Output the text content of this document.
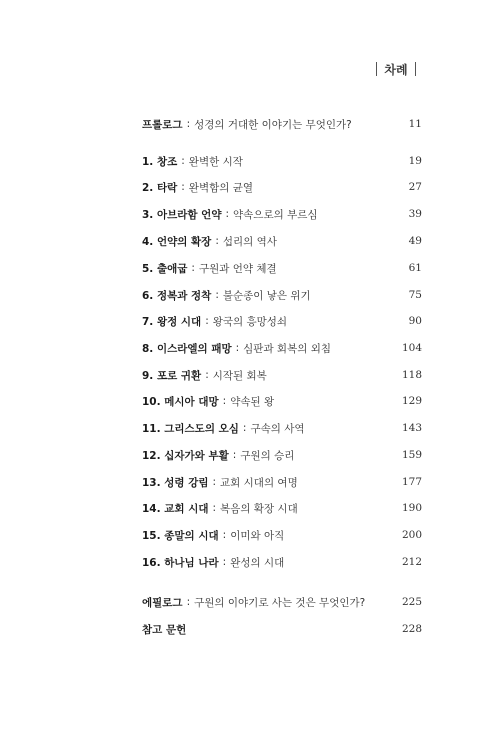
차례
프롤로그 : 성경의 거대한 이야기는 무엇인가?	11
1. 창조 : 완벽한 시작	19
2. 타락 : 완벽함의 균열	27
3. 아브라함 언약 : 약속으로의 부르심	39
4. 언약의 확장 : 섭리의 역사	49
5. 출애굽 : 구원과 언약 체결	61
6. 정복과 정착 : 불순종이 낳은 위기	75
7. 왕정 시대 : 왕국의 흥망성쇠	90
8. 이스라엘의 패망 : 심판과 회복의 외침	104
9. 포로 귀환 : 시작된 회복	118
10. 메시아 대망 : 약속된 왕	129
11. 그리스도의 오심 : 구속의 사역	143
12. 십자가와 부활 : 구원의 승리	159
13. 성령 강림 : 교회 시대의 여명	177
14. 교회 시대 : 복음의 확장 시대	190
15. 종말의 시대 : 이미와 아직	200
16. 하나님 나라 : 완성의 시대	212
에필로그 : 구원의 이야기로 사는 것은 무엇인가?	225
참고 문헌	228
